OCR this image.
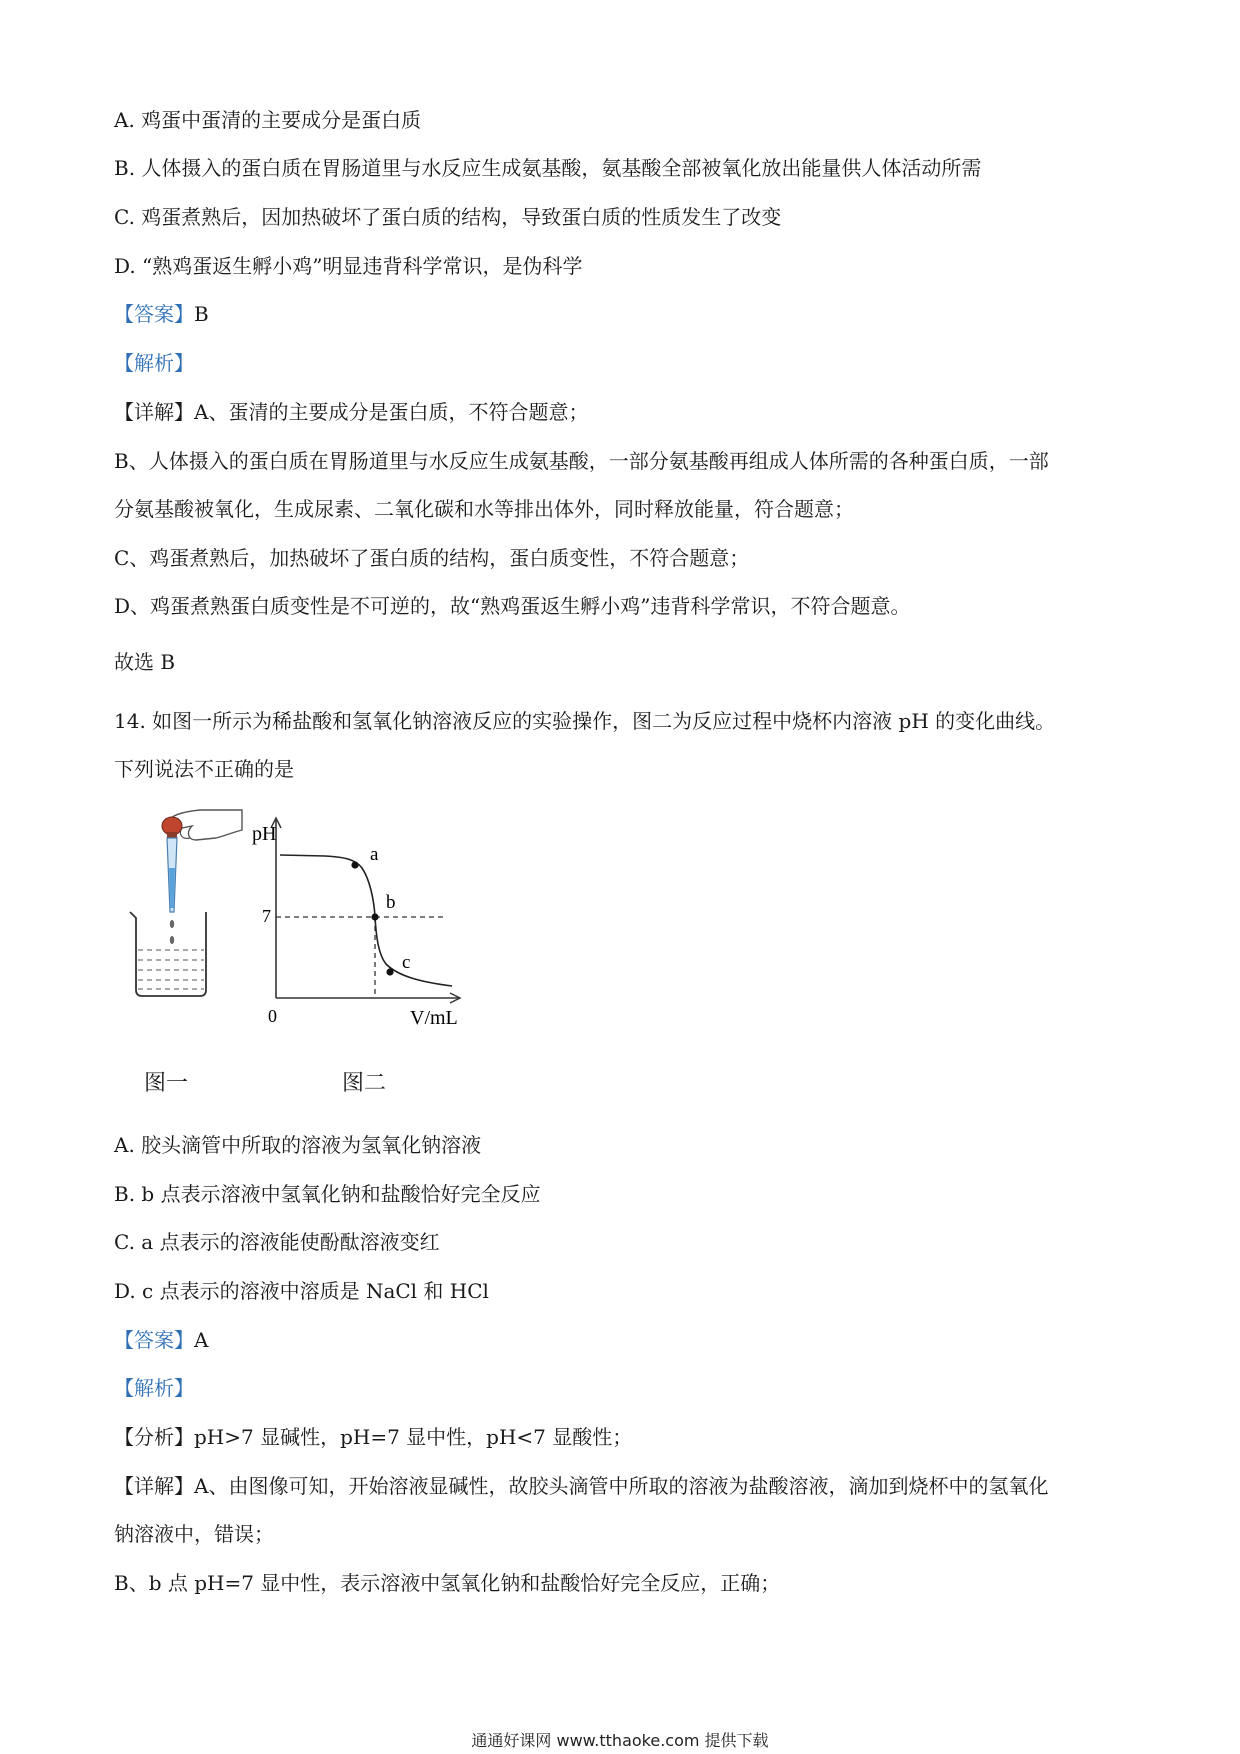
A. 鸡蛋中蛋清的主要成分是蛋白质
B. 人体摄入的蛋白质在胃肠道里与水反应生成氨基酸，氨基酸全部被氧化放出能量供人体活动所需
C. 鸡蛋煮熟后，因加热破坏了蛋白质的结构，导致蛋白质的性质发生了改变
D. “熟鸡蛋返生孵小鸡”明显违背科学常识，是伪科学
【答案】B
【解析】
【详解】A、蛋清的主要成分是蛋白质，不符合题意；
B、人体摄入的蛋白质在胃肠道里与水反应生成氨基酸，一部分氨基酸再组成人体所需的各种蛋白质，一部
分氨基酸被氧化，生成尿素、二氧化碳和水等排出体外，同时释放能量，符合题意；
C、鸡蛋煮熟后，加热破坏了蛋白质的结构，蛋白质变性，不符合题意；
D、鸡蛋煮熟蛋白质变性是不可逆的，故“熟鸡蛋返生孵小鸡”违背科学常识，不符合题意。
故选 B
14. 如图一所示为稀盐酸和氢氧化钠溶液反应的实验操作，图二为反应过程中烧杯内溶液 pH 的变化曲线。
下列说法不正确的是
pH
7
0	V/mL
a
b
c
图一	图二
A. 胶头滴管中所取的溶液为氢氧化钠溶液
B. b 点表示溶液中氢氧化钠和盐酸恰好完全反应
C. a 点表示的溶液能使酚酞溶液变红
D. c 点表示的溶液中溶质是 NaCl 和 HCl
【答案】A
【解析】
【分析】pH>7 显碱性，pH=7 显中性，pH<7 显酸性；
【详解】A、由图像可知，开始溶液显碱性，故胶头滴管中所取的溶液为盐酸溶液，滴加到烧杯中的氢氧化
钠溶液中，错误；
B、b 点 pH=7 显中性，表示溶液中氢氧化钠和盐酸恰好完全反应，正确；
通通好课网 www.tthaoke.com 提供下载
